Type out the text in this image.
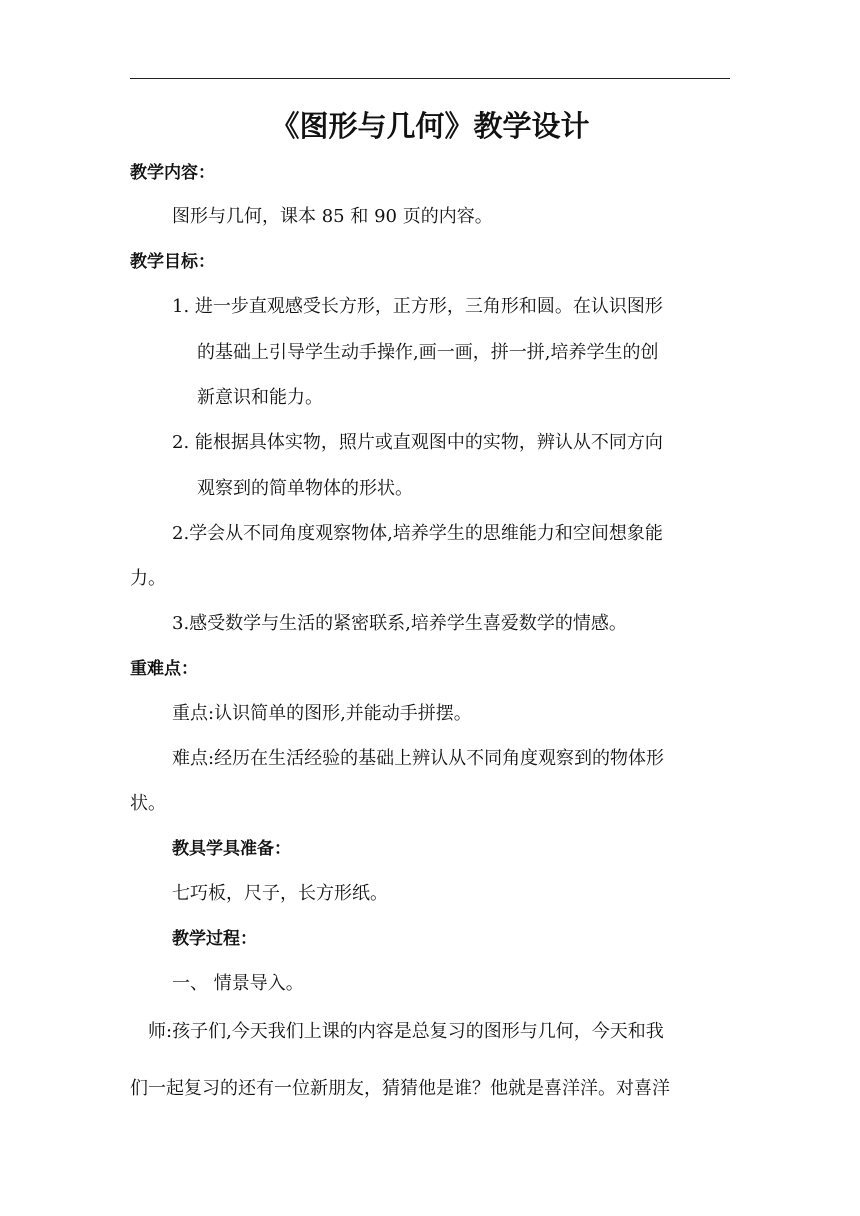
《图形与几何》教学设计
教学内容：
图形与几何，课本 85 和 90 页的内容。
教学目标：
1. 进一步直观感受长方形，正方形，三角形和圆。在认识图形
的基础上引导学生动手操作,画一画，拼一拼,培养学生的创
新意识和能力。
2. 能根据具体实物，照片或直观图中的实物，辨认从不同方向
观察到的简单物体的形状。
2.学会从不同角度观察物体,培养学生的思维能力和空间想象能
力。
3.感受数学与生活的紧密联系,培养学生喜爱数学的情感。
重难点：
重点:认识简单的图形,并能动手拼摆。
难点:经历在生活经验的基础上辨认从不同角度观察到的物体形
状。
教具学具准备：
七巧板，尺子，长方形纸。
教学过程：
一、 情景导入。
师:孩子们,今天我们上课的内容是总复习的图形与几何，今天和我
们一起复习的还有一位新朋友，猜猜他是谁？他就是喜洋洋。对喜洋
